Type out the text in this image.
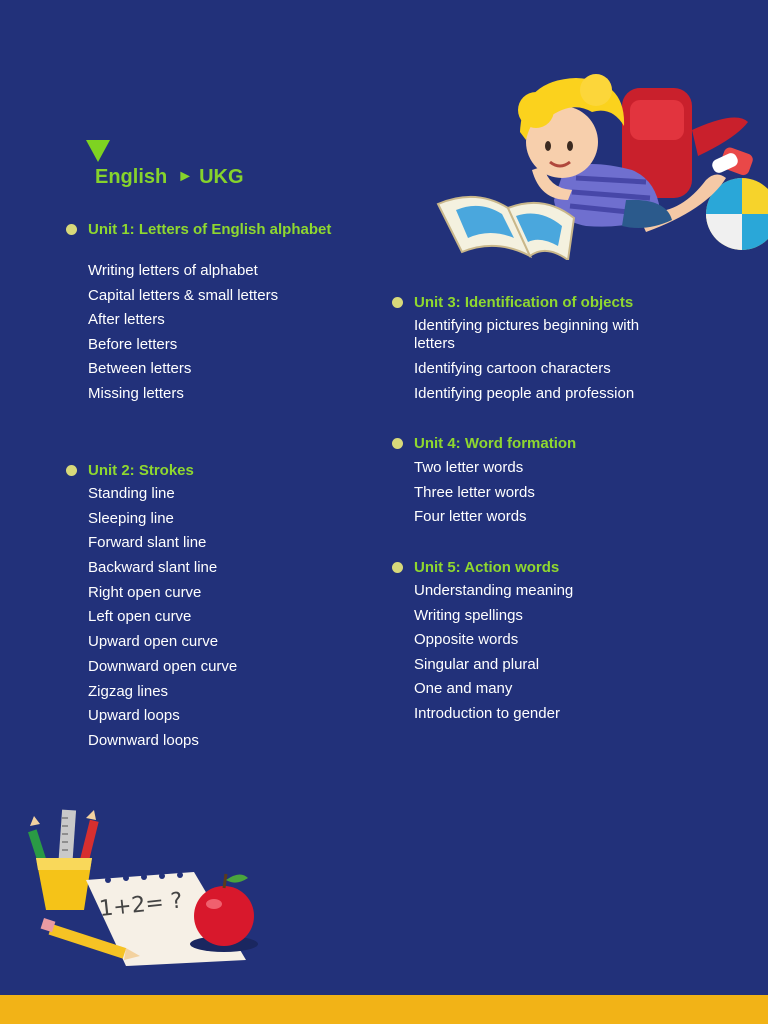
English ► UKG
Unit 1: Letters of English alphabet
Writing letters of alphabet
Capital letters & small letters
After letters
Before letters
Between letters
Missing letters
Unit 2: Strokes
Standing line
Sleeping line
Forward slant line
Backward slant line
Right open curve
Left open curve
Upward open curve
Downward open curve
Zigzag lines
Upward loops
Downward loops
Unit 3: Identification of objects
Identifying pictures beginning with letters
Identifying cartoon characters
Identifying people and profession
Unit 4: Word formation
Two letter words
Three letter words
Four letter words
Unit 5: Action words
Understanding meaning
Writing spellings
Opposite words
Singular and plural
One and many
Introduction to gender
1+2= ?
